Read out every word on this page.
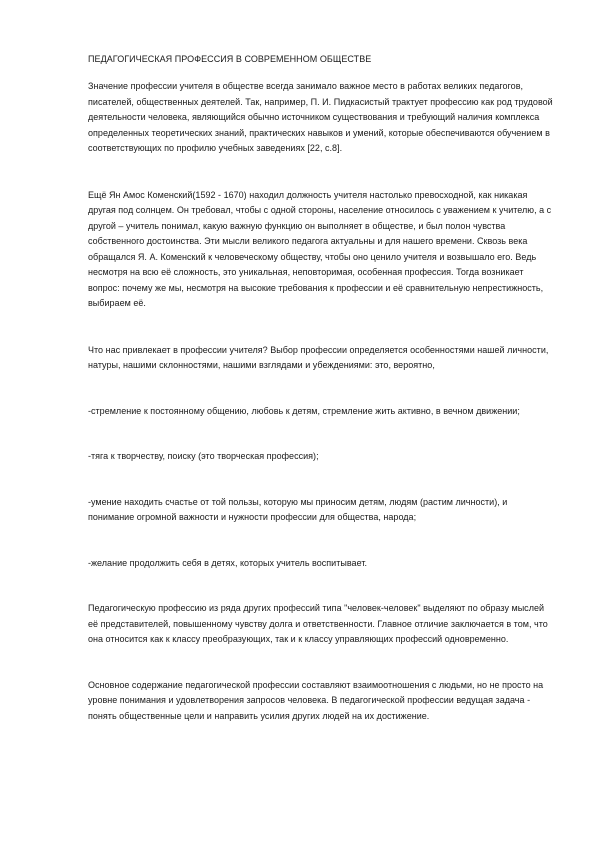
ПЕДАГОГИЧЕСКАЯ ПРОФЕССИЯ В СОВРЕМЕННОМ ОБЩЕСТВЕ

Значение профессии учителя в обществе всегда занимало важное место в работах великих педагогов, писателей, общественных деятелей. Так, например, П. И. Пидкасистый трактует профессию как род трудовой деятельности человека, являющийся обычно источником существования и требующий наличия комплекса определенных теоретических знаний, практических навыков и умений, которые обеспечиваются обучением в соответствующих по профилю учебных заведениях [22, с.8].

Ещё Ян Амос Коменский(1592 - 1670) находил должность учителя настолько превосходной, как никакая другая под солнцем. Он требовал, чтобы с одной стороны, население относилось с уважением к учителю, а с другой – учитель понимал, какую важную функцию он выполняет в обществе, и был полон чувства собственного достоинства. Эти мысли великого педагога актуальны и для нашего времени. Сквозь века обращался Я. А. Коменский к человеческому обществу, чтобы оно ценило учителя и возвышало его. Ведь несмотря на всю её сложность, это уникальная, неповторимая, особенная профессия. Тогда возникает вопрос: почему же мы, несмотря на высокие требования к профессии и её сравнительную непрестижность, выбираем её.

Что нас привлекает в профессии учителя? Выбор профессии определяется особенностями нашей личности, натуры, нашими склонностями, нашими взглядами и убеждениями: это, вероятно,

-стремление к постоянному общению, любовь к детям, стремление жить активно, в вечном движении;

-тяга к творчеству, поиску (это творческая профессия);

-умение находить счастье от той пользы, которую мы приносим детям, людям (растим личности), и понимание огромной важности и нужности профессии для общества, народа;

-желание продолжить себя в детях, которых учитель воспитывает.

Педагогическую профессию из ряда других профессий типа "человек-человек" выделяют по образу мыслей её представителей, повышенному чувству долга и ответственности. Главное отличие заключается в том, что она относится как к классу преобразующих, так и к классу управляющих профессий одновременно.

Основное содержание педагогической профессии составляют взаимоотношения с людьми, но не просто на уровне понимания и удовлетворения запросов человека. В педагогической профессии ведущая задача - понять общественные цели и направить усилия других людей на их достижение.
